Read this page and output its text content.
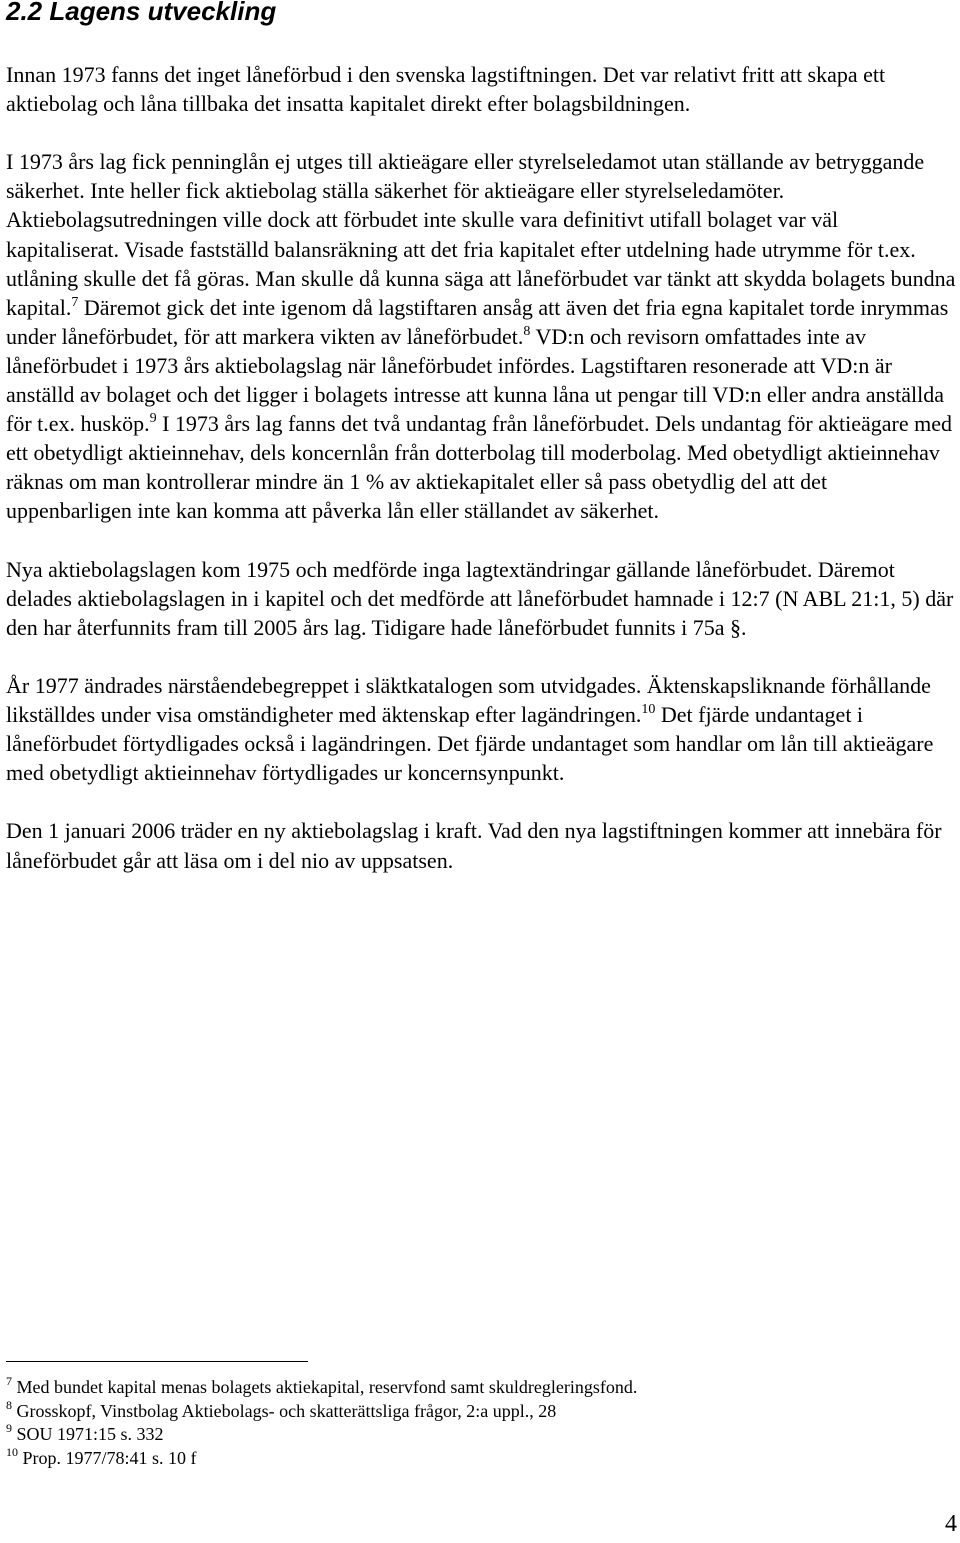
2.2 Lagens utveckling

Innan 1973 fanns det inget låneförbud i den svenska lagstiftningen. Det var relativt fritt att skapa ett aktiebolag och låna tillbaka det insatta kapitalet direkt efter bolagsbildningen.

I 1973 års lag fick penninglån ej utges till aktieägare eller styrelseledamot utan ställande av betryggande säkerhet. Inte heller fick aktiebolag ställa säkerhet för aktieägare eller styrelseledamöter. Aktiebolagsutredningen ville dock att förbudet inte skulle vara definitivt utifall bolaget var väl kapitaliserat. Visade fastställd balansräkning att det fria kapitalet efter utdelning hade utrymme för t.ex. utlåning skulle det få göras. Man skulle då kunna säga att låneförbudet var tänkt att skydda bolagets bundna kapital.$^7$ Däremot gick det inte igenom då lagstiftaren ansåg att även det fria egna kapitalet torde inrymmas under låneförbudet, för att markera vikten av låneförbudet.$^8$ VD:n och revisorn omfattades inte av låneförbudet i 1973 års aktiebolagslag när låneförbudet infördes. Lagstiftaren resonerade att VD:n är anställd av bolaget och det ligger i bolagets intresse att kunna låna ut pengar till VD:n eller andra anställda för t.ex. husköp.$^9$ I 1973 års lag fanns det två undantag från låneförbudet. Dels undantag för aktieägare med ett obetydligt aktieinnehav, dels koncernlån från dotterbolag till moderbolag. Med obetydligt aktieinnehav räknas om man kontrollerar mindre än 1 % av aktiekapitalet eller så pass obetydlig del att det uppenbarligen inte kan komma att påverka lån eller ställandet av säkerhet.

Nya aktiebolagslagen kom 1975 och medförde inga lagtextändringar gällande låneförbudet. Däremot delades aktiebolagslagen in i kapitel och det medförde att låneförbudet hamnade i 12:7 (N ABL 21:1, 5) där den har återfunnits fram till 2005 års lag. Tidigare hade låneförbudet funnits i 75a §.

År 1977 ändrades närståendebegreppet i släktkatalogen som utvidgades. Äktenskapsliknande förhållande likställdes under visa omständigheter med äktenskap efter lagändringen.$^{10}$ Det fjärde undantaget i låneförbudet förtydligades också i lagändringen. Det fjärde undantaget som handlar om lån till aktieägare med obetydligt aktieinnehav förtydligades ur koncernsynpunkt.

Den 1 januari 2006 träder en ny aktiebolagslag i kraft. Vad den nya lagstiftningen kommer att innebära för låneförbudet går att läsa om i del nio av uppsatsen.

$^7$ Med bundet kapital menas bolagets aktiekapital, reservfond samt skuldregleringsfond.
$^8$ Grosskopf, Vinstbolag Aktiebolags- och skatterättsliga frågor, 2:a uppl., 28
$^9$ SOU 1971:15 s. 332
$^{10}$ Prop. 1977/78:41 s. 10 f
4
